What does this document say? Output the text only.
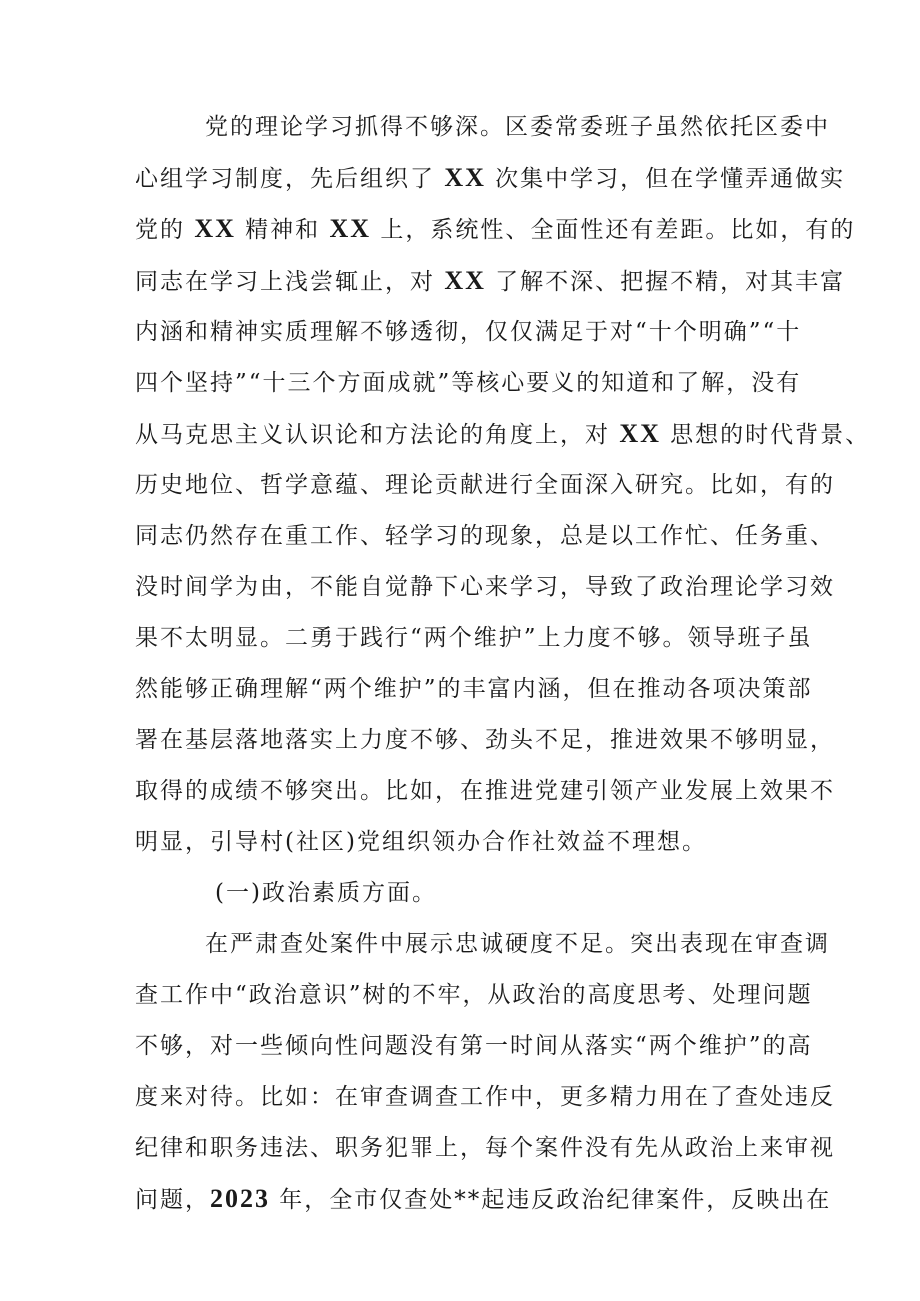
党的理论学习抓得不够深。区委常委班子虽然依托区委中
心组学习制度，先后组织了 XX 次集中学习，但在学懂弄通做实
党的 XX 精神和 XX 上，系统性、全面性还有差距。比如，有的
同志在学习上浅尝辄止，对 XX 了解不深、把握不精，对其丰富
内涵和精神实质理解不够透彻，仅仅满足于对“十个明确”“十
四个坚持”“十三个方面成就”等核心要义的知道和了解，没有
从马克思主义认识论和方法论的角度上，对 XX 思想的时代背景、
历史地位、哲学意蕴、理论贡献进行全面深入研究。比如，有的
同志仍然存在重工作、轻学习的现象，总是以工作忙、任务重、
没时间学为由，不能自觉静下心来学习，导致了政治理论学习效
果不太明显。二勇于践行“两个维护”上力度不够。领导班子虽
然能够正确理解“两个维护”的丰富内涵，但在推动各项决策部
署在基层落地落实上力度不够、劲头不足，推进效果不够明显，
取得的成绩不够突出。比如，在推进党建引领产业发展上效果不
明显，引导村(社区)党组织领办合作社效益不理想。
(一)政治素质方面。
在严肃查处案件中展示忠诚硬度不足。突出表现在审查调
查工作中“政治意识”树的不牢，从政治的高度思考、处理问题
不够，对一些倾向性问题没有第一时间从落实“两个维护”的高
度来对待。比如：在审查调查工作中，更多精力用在了查处违反
纪律和职务违法、职务犯罪上，每个案件没有先从政治上来审视
问题，2023 年，全市仅查处**起违反政治纪律案件，反映出在
